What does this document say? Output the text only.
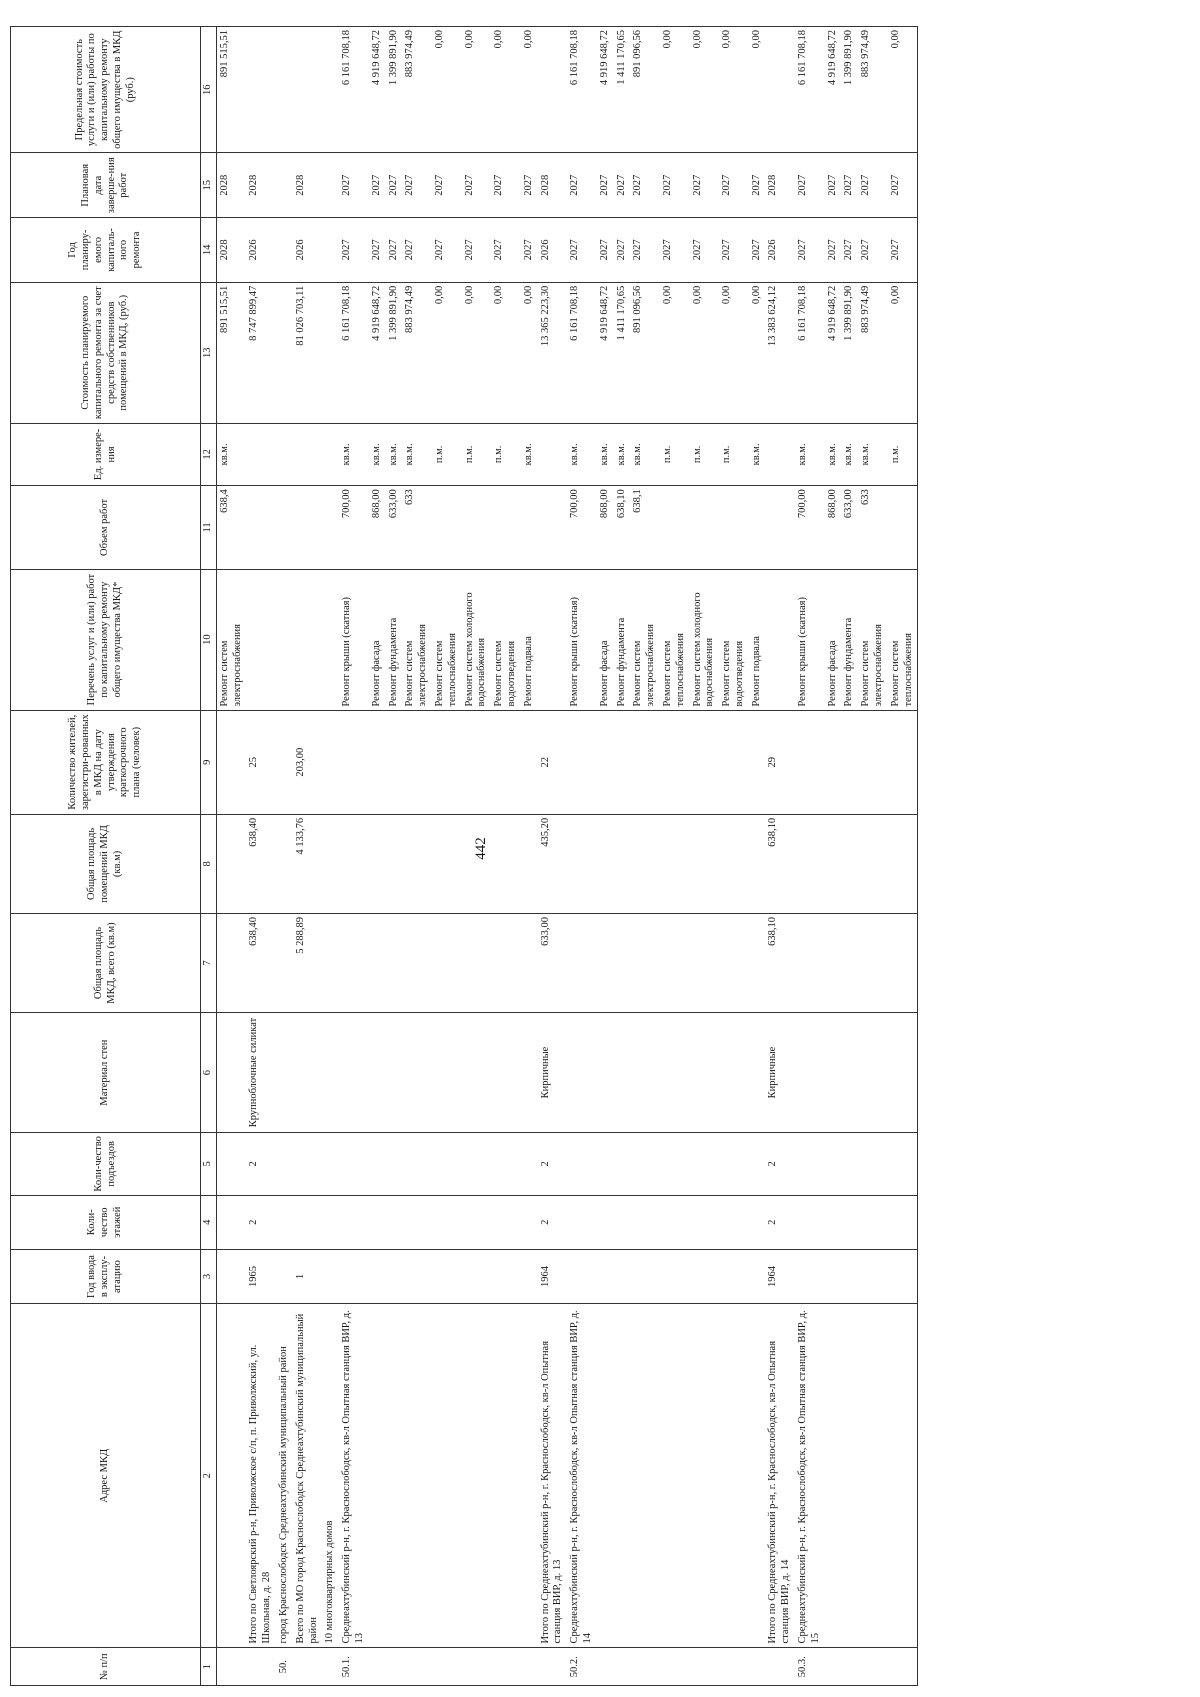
442
№ п/п	Адрес МКД	Год ввода в эксплу-атацию	Коли-чество этажей	Коли-чество подъездов	Материал стен	Общая площадь МКД, всего (кв.м)	Общая площадь помещений МКД (кв.м)	Количество жителей, зарегистри-рованных в МКД на дату утверждения краткосрочного плана (человек)	Перечень услуг и (или) работ по капитальному ремонту общего имущества МКД*	Объем работ	Ед. измере-ния	Стоимость планируемого капитального ремонта за счет средств собственников помещений в МКД, (руб.)	Год планиру-емого капиталь-ного ремонта	Плановая дата заверше-ния работ	Предельная стоимость услуги и (или) работы по капитальному ремонту общего имущества в МКД (руб.)
1	2	3	4	5	6	7	8	9	10	11	12	13	14	15	16
									Ремонт систем электроснабжения	638,4	кв.м.	891 515,51	2028	2028	891 515,51
	Итого по Светлоярский р-н, Приволжское с/п, п. Приволжский, ул. Школьная, д. 28	1965	2	2	Крупноблочные силикат	638,40	638,40	25				8 747 899,47	2026	2028	
50.	город Краснослободск Среднеахтубинский муниципальный район														
	Всего по МО город Краснослободск Среднеахтубинский муниципальный район	1				5 288,89	4 133,76	203,00				81 026 703,11	2026	2028	
	10 многоквартирных домов														
50.1.	Среднеахтубинский р-н, г. Краснослободск, кв-л Опытная станция ВИР, д. 13								Ремонт крыши (скатная)	700,00	кв.м.	6 161 708,18	2027	2027	6 161 708,18
									Ремонт фасада	868,00	кв.м.	4 919 648,72	2027	2027	4 919 648,72
									Ремонт фундамента	633,00	кв.м.	1 399 891,90	2027	2027	1 399 891,90
									Ремонт систем электроснабжения	633	кв.м.	883 974,49	2027	2027	883 974,49
									Ремонт систем теплоснабжения		п.м.	0,00	2027	2027	0,00
									Ремонт систем холодного водоснабжения		п.м.	0,00	2027	2027	0,00
									Ремонт систем водоотведения		п.м.	0,00	2027	2027	0,00
									Ремонт подвала		кв.м.	0,00	2027	2027	0,00
	Итого по Среднеахтубинский р-н, г. Краснослободск, кв-л Опытная станция ВИР, д. 13	1964	2	2	Кирпичные	633,00	435,20	22				13 365 223,30	2026	2028	
50.2.	Среднеахтубинский р-н, г. Краснослободск, кв-л Опытная станция ВИР, д. 14								Ремонт крыши (скатная)	700,00	кв.м.	6 161 708,18	2027	2027	6 161 708,18
									Ремонт фасада	868,00	кв.м.	4 919 648,72	2027	2027	4 919 648,72
									Ремонт фундамента	638,10	кв.м.	1 411 170,65	2027	2027	1 411 170,65
									Ремонт систем электроснабжения	638,1	кв.м.	891 096,56	2027	2027	891 096,56
									Ремонт систем теплоснабжения		п.м.	0,00	2027	2027	0,00
									Ремонт систем холодного водоснабжения		п.м.	0,00	2027	2027	0,00
									Ремонт систем водоотведения		п.м.	0,00	2027	2027	0,00
									Ремонт подвала		кв.м.	0,00	2027	2027	0,00
	Итого по Среднеахтубинский р-н, г. Краснослободск, кв-л Опытная станция ВИР, д. 14	1964	2	2	Кирпичные	638,10	638,10	29				13 383 624,12	2026	2028	
50.3.	Среднеахтубинский р-н, г. Краснослободск, кв-л Опытная станция ВИР, д. 15								Ремонт крыши (скатная)	700,00	кв.м.	6 161 708,18	2027	2027	6 161 708,18
									Ремонт фасада	868,00	кв.м.	4 919 648,72	2027	2027	4 919 648,72
									Ремонт фундамента	633,00	кв.м.	1 399 891,90	2027	2027	1 399 891,90
									Ремонт систем электроснабжения	633	кв.м.	883 974,49	2027	2027	883 974,49
									Ремонт систем теплоснабжения		п.м.	0,00	2027	2027	0,00
